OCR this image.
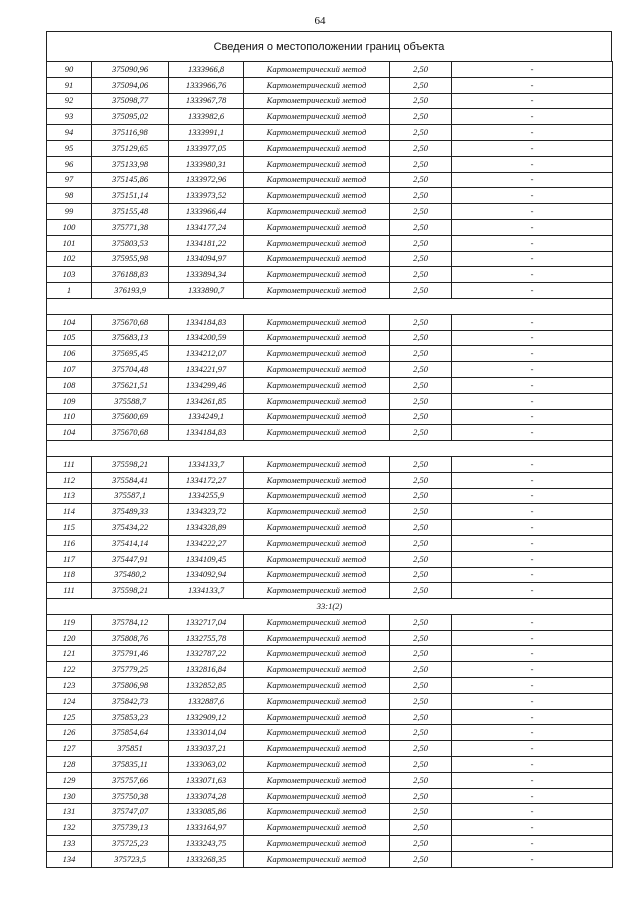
64
Сведения о местоположении границ объекта
90	375090,96	1333966,8	Картометрический метод	2,50	-
91	375094,06	1333966,76	Картометрический метод	2,50	-
92	375098,77	1333967,78	Картометрический метод	2,50	-
93	375095,02	1333982,6	Картометрический метод	2,50	-
94	375116,98	1333991,1	Картометрический метод	2,50	-
95	375129,65	1333977,05	Картометрический метод	2,50	-
96	375133,98	1333980,31	Картометрический метод	2,50	-
97	375145,86	1333972,96	Картометрический метод	2,50	-
98	375151,14	1333973,52	Картометрический метод	2,50	-
99	375155,48	1333966,44	Картометрический метод	2,50	-
100	375771,38	1334177,24	Картометрический метод	2,50	-
101	375803,53	1334181,22	Картометрический метод	2,50	-
102	375955,98	1334094,97	Картометрический метод	2,50	-
103	376188,83	1333894,34	Картометрический метод	2,50	-
1	376193,9	1333890,7	Картометрический метод	2,50	-

104	375670,68	1334184,83	Картометрический метод	2,50	-
105	375683,13	1334200,59	Картометрический метод	2,50	-
106	375695,45	1334212,07	Картометрический метод	2,50	-
107	375704,48	1334221,97	Картометрический метод	2,50	-
108	375621,51	1334299,46	Картометрический метод	2,50	-
109	375588,7	1334261,85	Картометрический метод	2,50	-
110	375600,69	1334249,1	Картометрический метод	2,50	-
104	375670,68	1334184,83	Картометрический метод	2,50	-

111	375598,21	1334133,7	Картометрический метод	2,50	-
112	375584,41	1334172,27	Картометрический метод	2,50	-
113	375587,1	1334255,9	Картометрический метод	2,50	-
114	375489,33	1334323,72	Картометрический метод	2,50	-
115	375434,22	1334328,89	Картометрический метод	2,50	-
116	375414,14	1334222,27	Картометрический метод	2,50	-
117	375447,91	1334109,45	Картометрический метод	2,50	-
118	375480,2	1334092,94	Картометрический метод	2,50	-
111	375598,21	1334133,7	Картометрический метод	2,50	-
33:1(2)					
119	375784,12	1332717,04	Картометрический метод	2,50	-
120	375808,76	1332755,78	Картометрический метод	2,50	-
121	375791,46	1332787,22	Картометрический метод	2,50	-
122	375779,25	1332816,84	Картометрический метод	2,50	-
123	375806,98	1332852,85	Картометрический метод	2,50	-
124	375842,73	1332887,6	Картометрический метод	2,50	-
125	375853,23	1332909,12	Картометрический метод	2,50	-
126	375854,64	1333014,04	Картометрический метод	2,50	-
127	375851	1333037,21	Картометрический метод	2,50	-
128	375835,11	1333063,02	Картометрический метод	2,50	-
129	375757,66	1333071,63	Картометрический метод	2,50	-
130	375750,38	1333074,28	Картометрический метод	2,50	-
131	375747,07	1333085,86	Картометрический метод	2,50	-
132	375739,13	1333164,97	Картометрический метод	2,50	-
133	375725,23	1333243,75	Картометрический метод	2,50	-
134	375723,5	1333268,35	Картометрический метод	2,50	-
